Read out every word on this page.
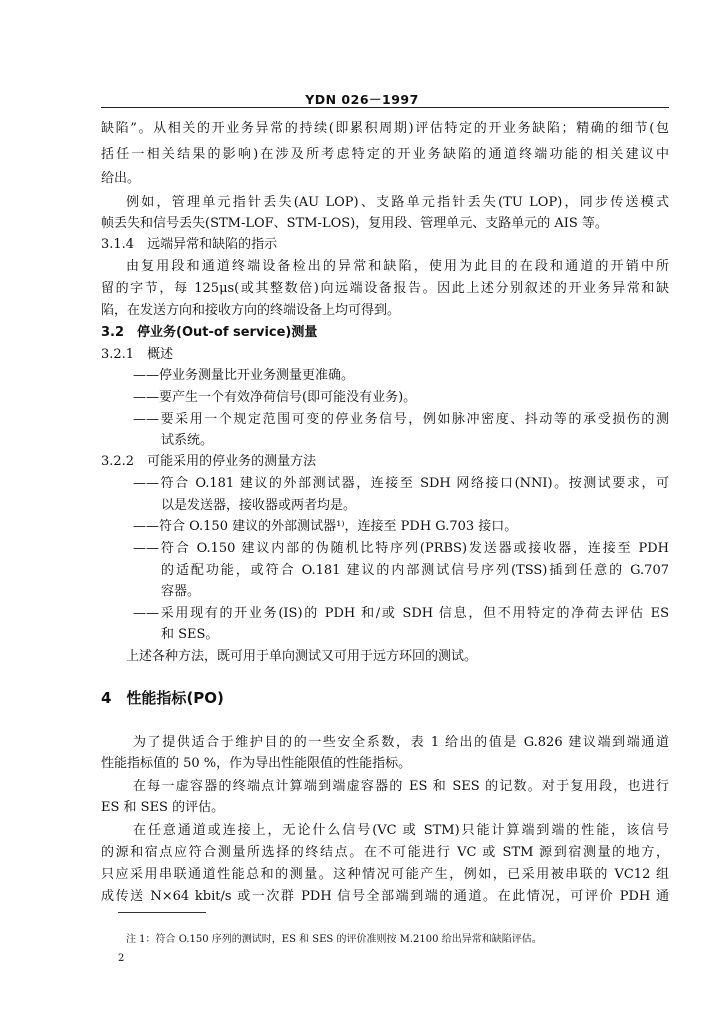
YDN 026－1997
缺陷”。从相关的开业务异常的持续(即累积周期)评估特定的开业务缺陷；精确的细节(包
括任一相关结果的影响)在涉及所考虑特定的开业务缺陷的通道终端功能的相关建议中
给出。
例如，管理单元指针丢失(AU LOP)、支路单元指针丢失(TU LOP)，同步传送模式
帧丢失和信号丢失(STM-LOF、STM-LOS)，复用段、管理单元、支路单元的 AIS 等。
3.1.4　远端异常和缺陷的指示
由复用段和通道终端设备检出的异常和缺陷，使用为此目的在段和通道的开销中所
留的字节，每 125μs(或其整数倍)向远端设备报告。因此上述分别叙述的开业务异常和缺
陷，在发送方向和接收方向的终端设备上均可得到。
3.2　停业务(Out-of service)测量
3.2.1　概述
——停业务测量比开业务测量更准确。
——要产生一个有效净荷信号(即可能没有业务)。
——要采用一个规定范围可变的停业务信号，例如脉冲密度、抖动等的承受损伤的测
试系统。
3.2.2　可能采用的停业务的测量方法
——符合 O.181 建议的外部测试器，连接至 SDH 网络接口(NNI)。按测试要求，可
以是发送器，接收器或两者均是。
——符合 O.150 建议的外部测试器¹⁾，连接至 PDH G.703 接口。
——符合 O.150 建议内部的伪随机比特序列(PRBS)发送器或接收器，连接至 PDH
的适配功能，或符合 O.181 建议的内部测试信号序列(TSS)插到任意的 G.707
容器。
——采用现有的开业务(IS)的 PDH 和/或 SDH 信息，但不用特定的净荷去评估 ES
和 SES。
上述各种方法，既可用于单向测试又可用于远方环回的测试。
4　性能指标(PO)
为了提供适合于维护目的的一些安全系数，表 1 给出的值是 G.826 建议端到端通道
性能指标值的 50 %，作为导出性能限值的性能指标。
在每一虚容器的终端点计算端到端虚容器的 ES 和 SES 的记数。对于复用段，也进行
ES 和 SES 的评估。
在任意通道或连接上，无论什么信号(VC 或 STM)只能计算端到端的性能，该信号
的源和宿点应符合测量所选择的终结点。在不可能进行 VC 或 STM 源到宿测量的地方，
只应采用串联通道性能总和的测量。这种情况可能产生，例如，已采用被串联的 VC12 组
成传送 N×64 kbit/s 或一次群 PDH 信号全部端到端的通道。在此情况，可评价 PDH 通
注 1：符合 O.150 序列的测试时，ES 和 SES 的评价准则按 M.2100 给出异常和缺陷评估。
2
